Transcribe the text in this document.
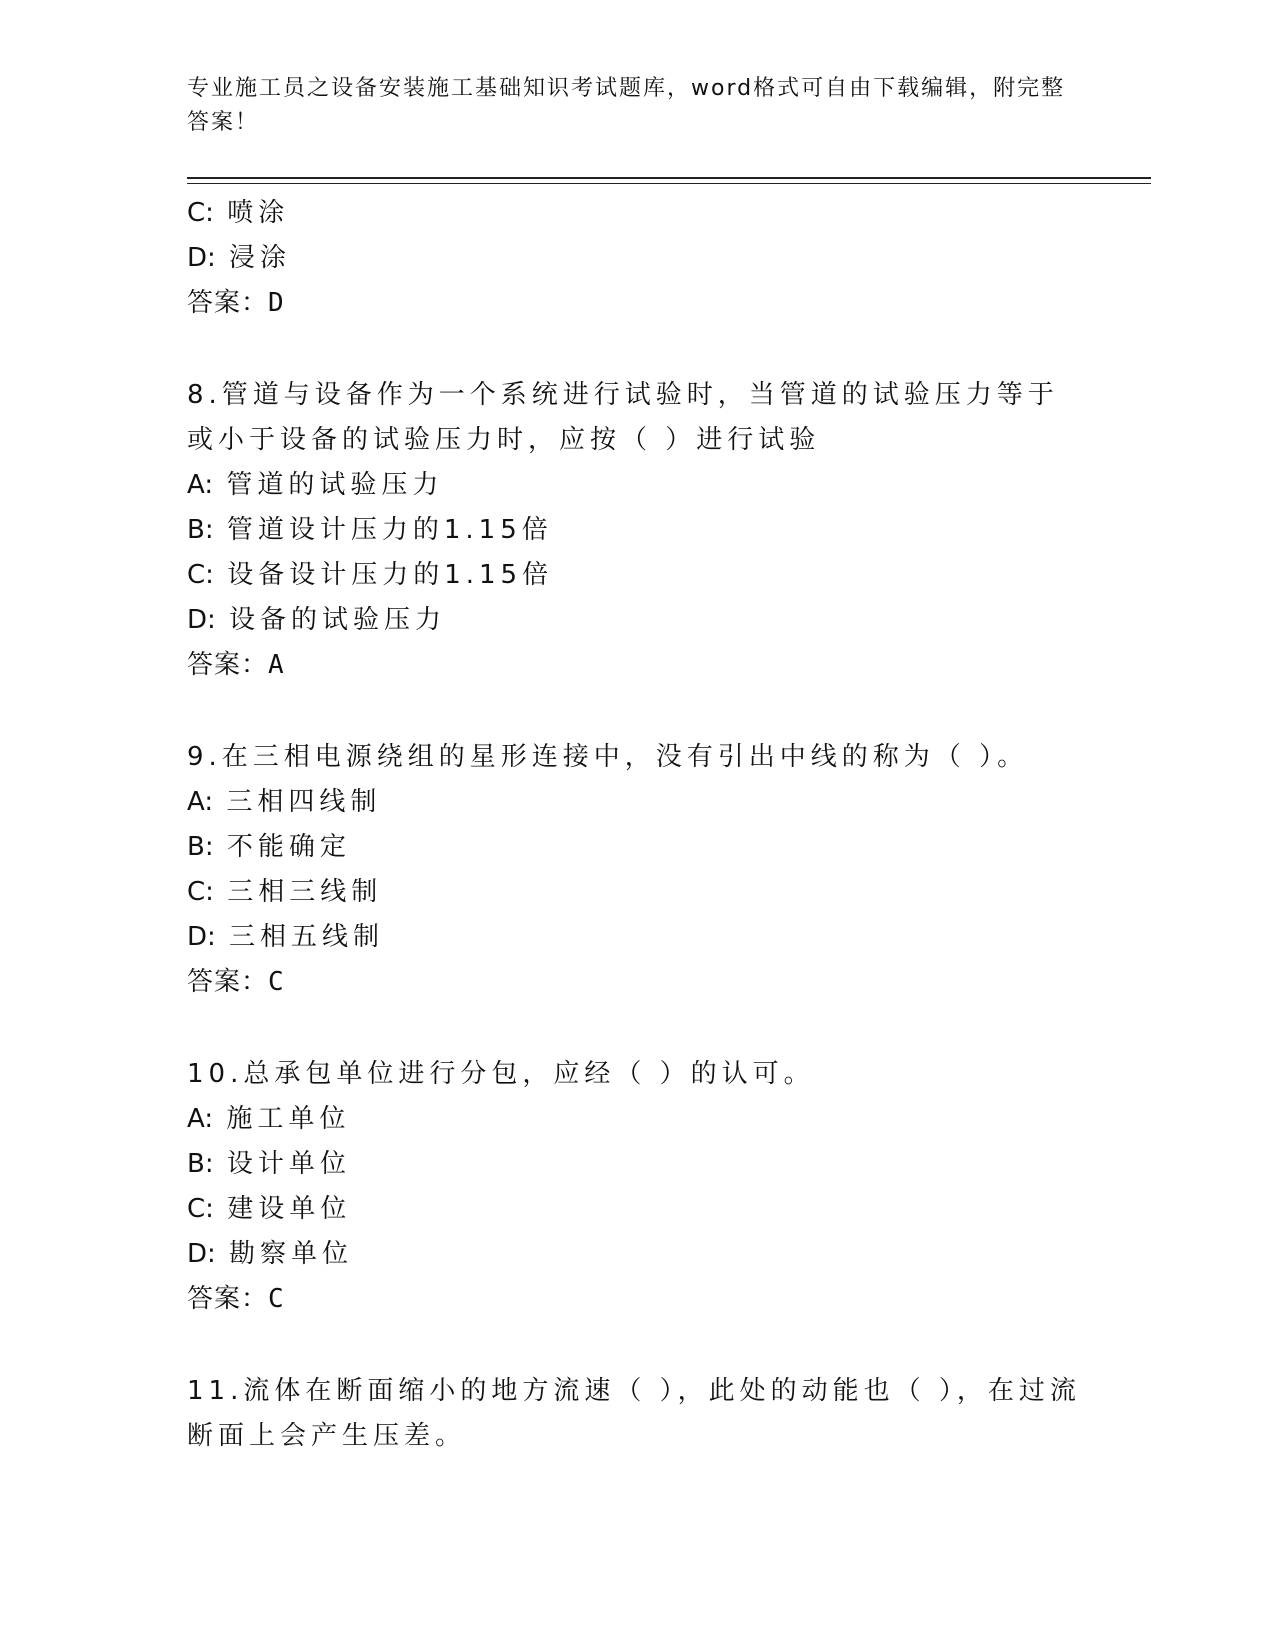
专业施工员之设备安装施工基础知识考试题库，word格式可自由下载编辑，附完整答案！
C: 喷涂
D: 浸涂
答案：D
8.管道与设备作为一个系统进行试验时，当管道的试验压力等于或小于设备的试验压力时，应按（ ）进行试验
A: 管道的试验压力
B: 管道设计压力的1.15倍
C: 设备设计压力的1.15倍
D: 设备的试验压力
答案：A
9.在三相电源绕组的星形连接中，没有引出中线的称为（ ）。
A: 三相四线制
B: 不能确定
C: 三相三线制
D: 三相五线制
答案：C
10.总承包单位进行分包，应经（ ）的认可。
A: 施工单位
B: 设计单位
C: 建设单位
D: 勘察单位
答案：C
11.流体在断面缩小的地方流速（ ），此处的动能也（ ），在过流断面上会产生压差。
